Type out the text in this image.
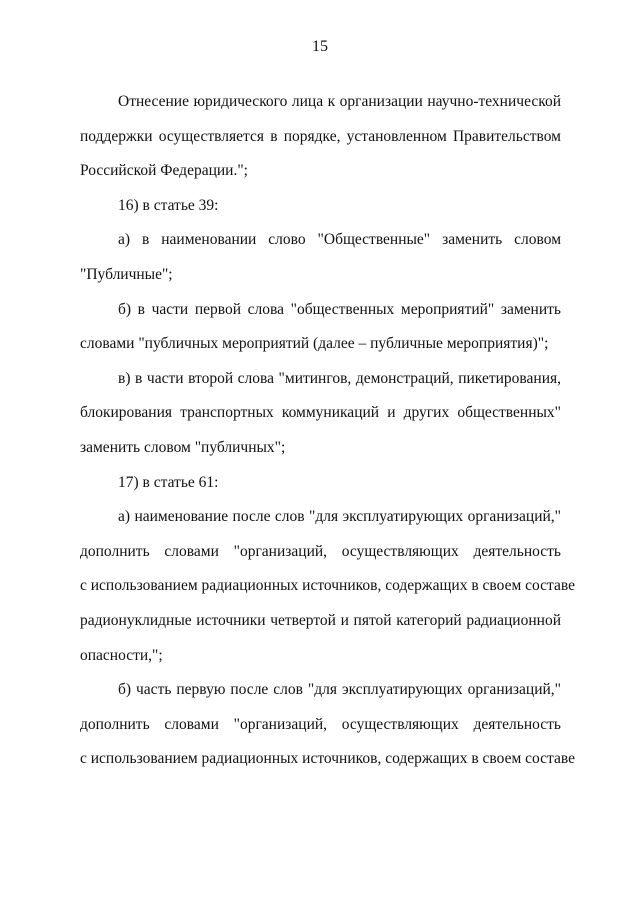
15
Отнесение юридического лица к организации научно-технической
поддержки осуществляется в порядке, установленном Правительством
Российской Федерации.";
16) в статье 39:
а) в наименовании слово "Общественные" заменить словом
"Публичные";
б) в части первой слова "общественных мероприятий" заменить
словами "публичных мероприятий (далее – публичные мероприятия)";
в) в части второй слова "митингов, демонстраций, пикетирования,
блокирования транспортных коммуникаций и других общественных"
заменить словом "публичных";
17) в статье 61:
а) наименование после слов "для эксплуатирующих организаций,"
дополнить словами "организаций, осуществляющих деятельность
с использованием радиационных источников, содержащих в своем составе
радионуклидные источники четвертой и пятой категорий радиационной
опасности,";
б) часть первую после слов "для эксплуатирующих организаций,"
дополнить словами "организаций, осуществляющих деятельность
с использованием радиационных источников, содержащих в своем составе
